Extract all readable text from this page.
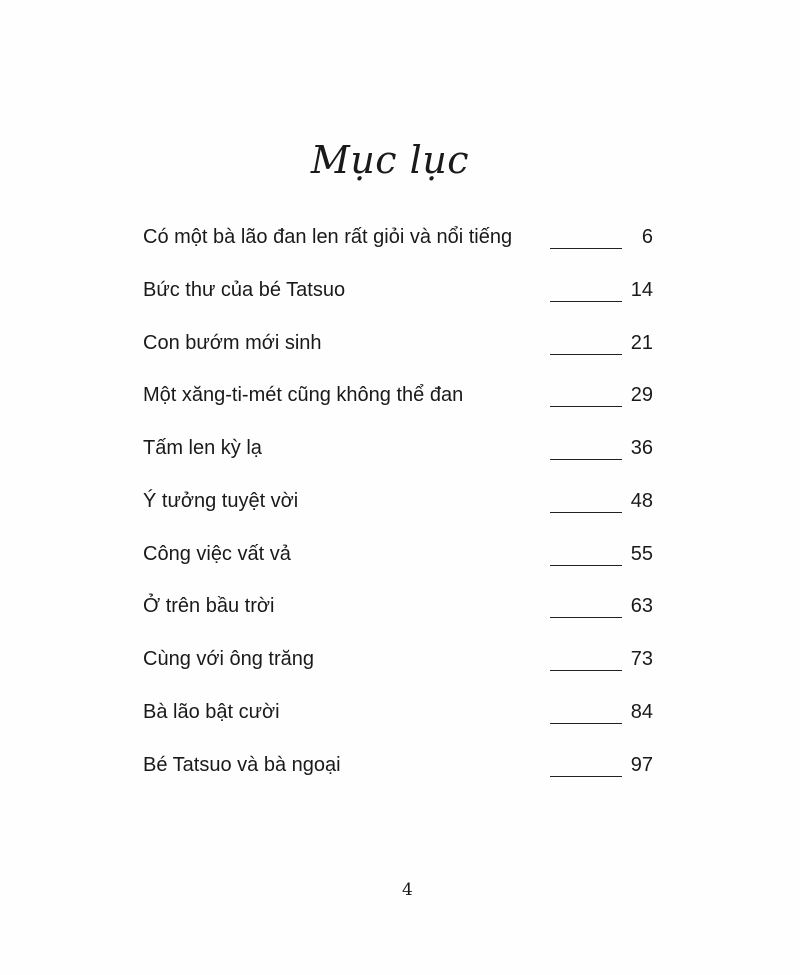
Mục lục
Có một bà lão đan len rất giỏi và nổi tiếng	6
Bức thư của bé Tatsuo	14
Con bướm mới sinh	21
Một xăng-ti-mét cũng không thể đan	29
Tấm len kỳ lạ	36
Ý tưởng tuyệt vời	48
Công việc vất vả	55
Ở trên bầu trời	63
Cùng với ông trăng	73
Bà lão bật cười	84
Bé Tatsuo và bà ngoại	97
4
